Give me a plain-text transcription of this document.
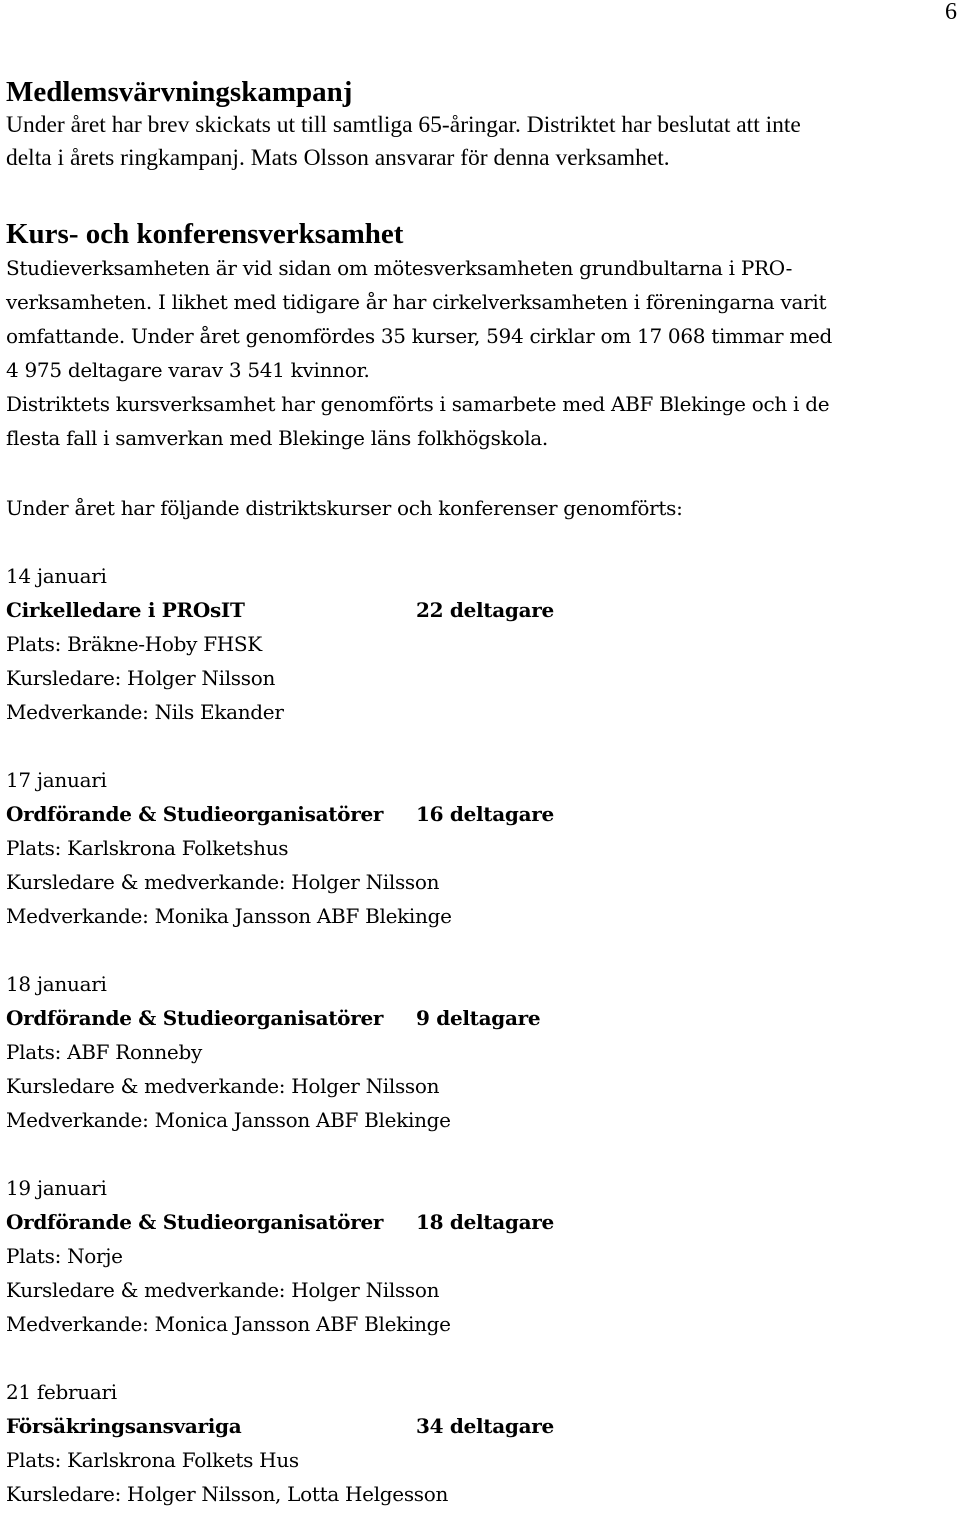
6
Medlemsvärvningskampanj

Under året har brev skickats ut till samtliga 65-åringar. Distriktet har beslutat att inte
delta i årets ringkampanj. Mats Olsson ansvarar för denna verksamhet.

Kurs- och konferensverksamhet

Studieverksamheten är vid sidan om mötesverksamheten grundbultarna i PRO-
verksamheten. I likhet med tidigare år har cirkelverksamheten i föreningarna varit
omfattande. Under året genomfördes 35 kurser, 594 cirklar om 17 068 timmar med
4 975 deltagare varav 3 541 kvinnor.

Distriktets kursverksamhet har genomförts i samarbete med ABF Blekinge och i de
flesta fall i samverkan med Blekinge läns folkhögskola.

Under året har följande distriktskurser och konferenser genomförts:

14 januari
Cirkelledare i PROsIT	22 deltagare
Plats: Bräkne-Hoby FHSK
Kursledare: Holger Nilsson
Medverkande: Nils Ekander
17 januari
Ordförande & Studieorganisatörer 16 deltagare
Plats: Karlskrona Folketshus
Kursledare & medverkande: Holger Nilsson
Medverkande: Monika Jansson ABF Blekinge
18 januari
Ordförande & Studieorganisatörer 9 deltagare
Plats: ABF Ronneby
Kursledare & medverkande: Holger Nilsson
Medverkande: Monica Jansson ABF Blekinge
19 januari
Ordförande & Studieorganisatörer 18 deltagare
Plats: Norje
Kursledare & medverkande: Holger Nilsson
Medverkande: Monica Jansson ABF Blekinge
21 februari
Försäkringsansvariga	34 deltagare
Plats: Karlskrona Folkets Hus
Kursledare: Holger Nilsson, Lotta Helgesson
